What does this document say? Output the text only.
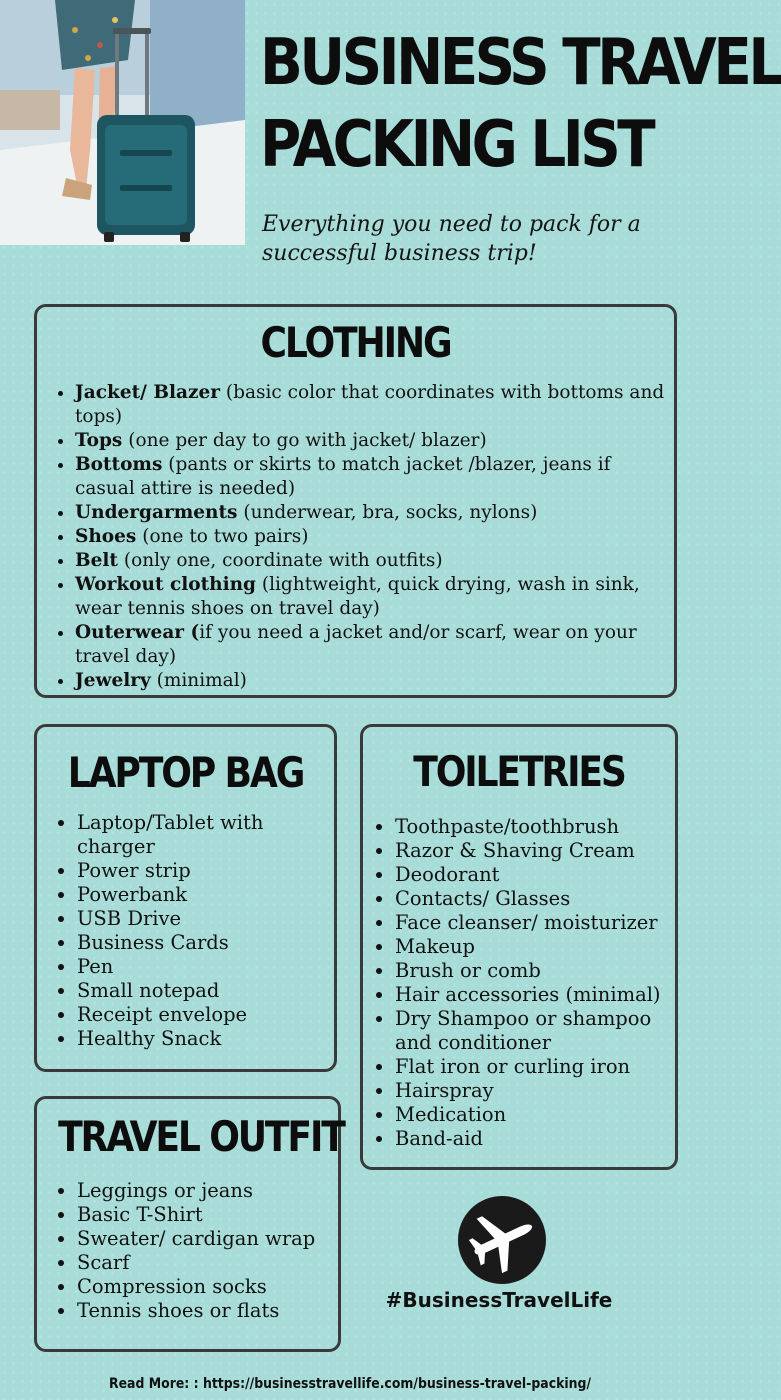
BUSINESS TRAVEL
PACKING LIST

Everything you need to pack for a successful business trip!

CLOTHING
• Jacket/ Blazer (basic color that coordinates with bottoms and tops)
• Tops (one per day to go with jacket/ blazer)
• Bottoms (pants or skirts to match jacket /blazer, jeans if casual attire is needed)
• Undergarments (underwear, bra, socks, nylons)
• Shoes (one to two pairs)
• Belt (only one, coordinate with outfits)
• Workout clothing (lightweight, quick drying, wash in sink, wear tennis shoes on travel day)
• Outerwear (if you need a jacket and/or scarf, wear on your travel day)
• Jewelry (minimal)
LAPTOP BAG
• Laptop/Tablet with charger
• Power strip
• Powerbank
• USB Drive
• Business Cards
• Pen
• Small notepad
• Receipt envelope
• Healthy Snack
TOILETRIES
• Toothpaste/toothbrush
• Razor & Shaving Cream
• Deodorant
• Contacts/ Glasses
• Face cleanser/ moisturizer
• Makeup
• Brush or comb
• Hair accessories (minimal)
• Dry Shampoo or shampoo and conditioner
• Flat iron or curling iron
• Hairspray
• Medication
• Band-aid
TRAVEL OUTFIT
• Leggings or jeans
• Basic T-Shirt
• Sweater/ cardigan wrap
• Scarf
• Compression socks
• Tennis shoes or flats	#BusinessTravelLife

Read More: : https://businesstravellife.com/business-travel-packing/
